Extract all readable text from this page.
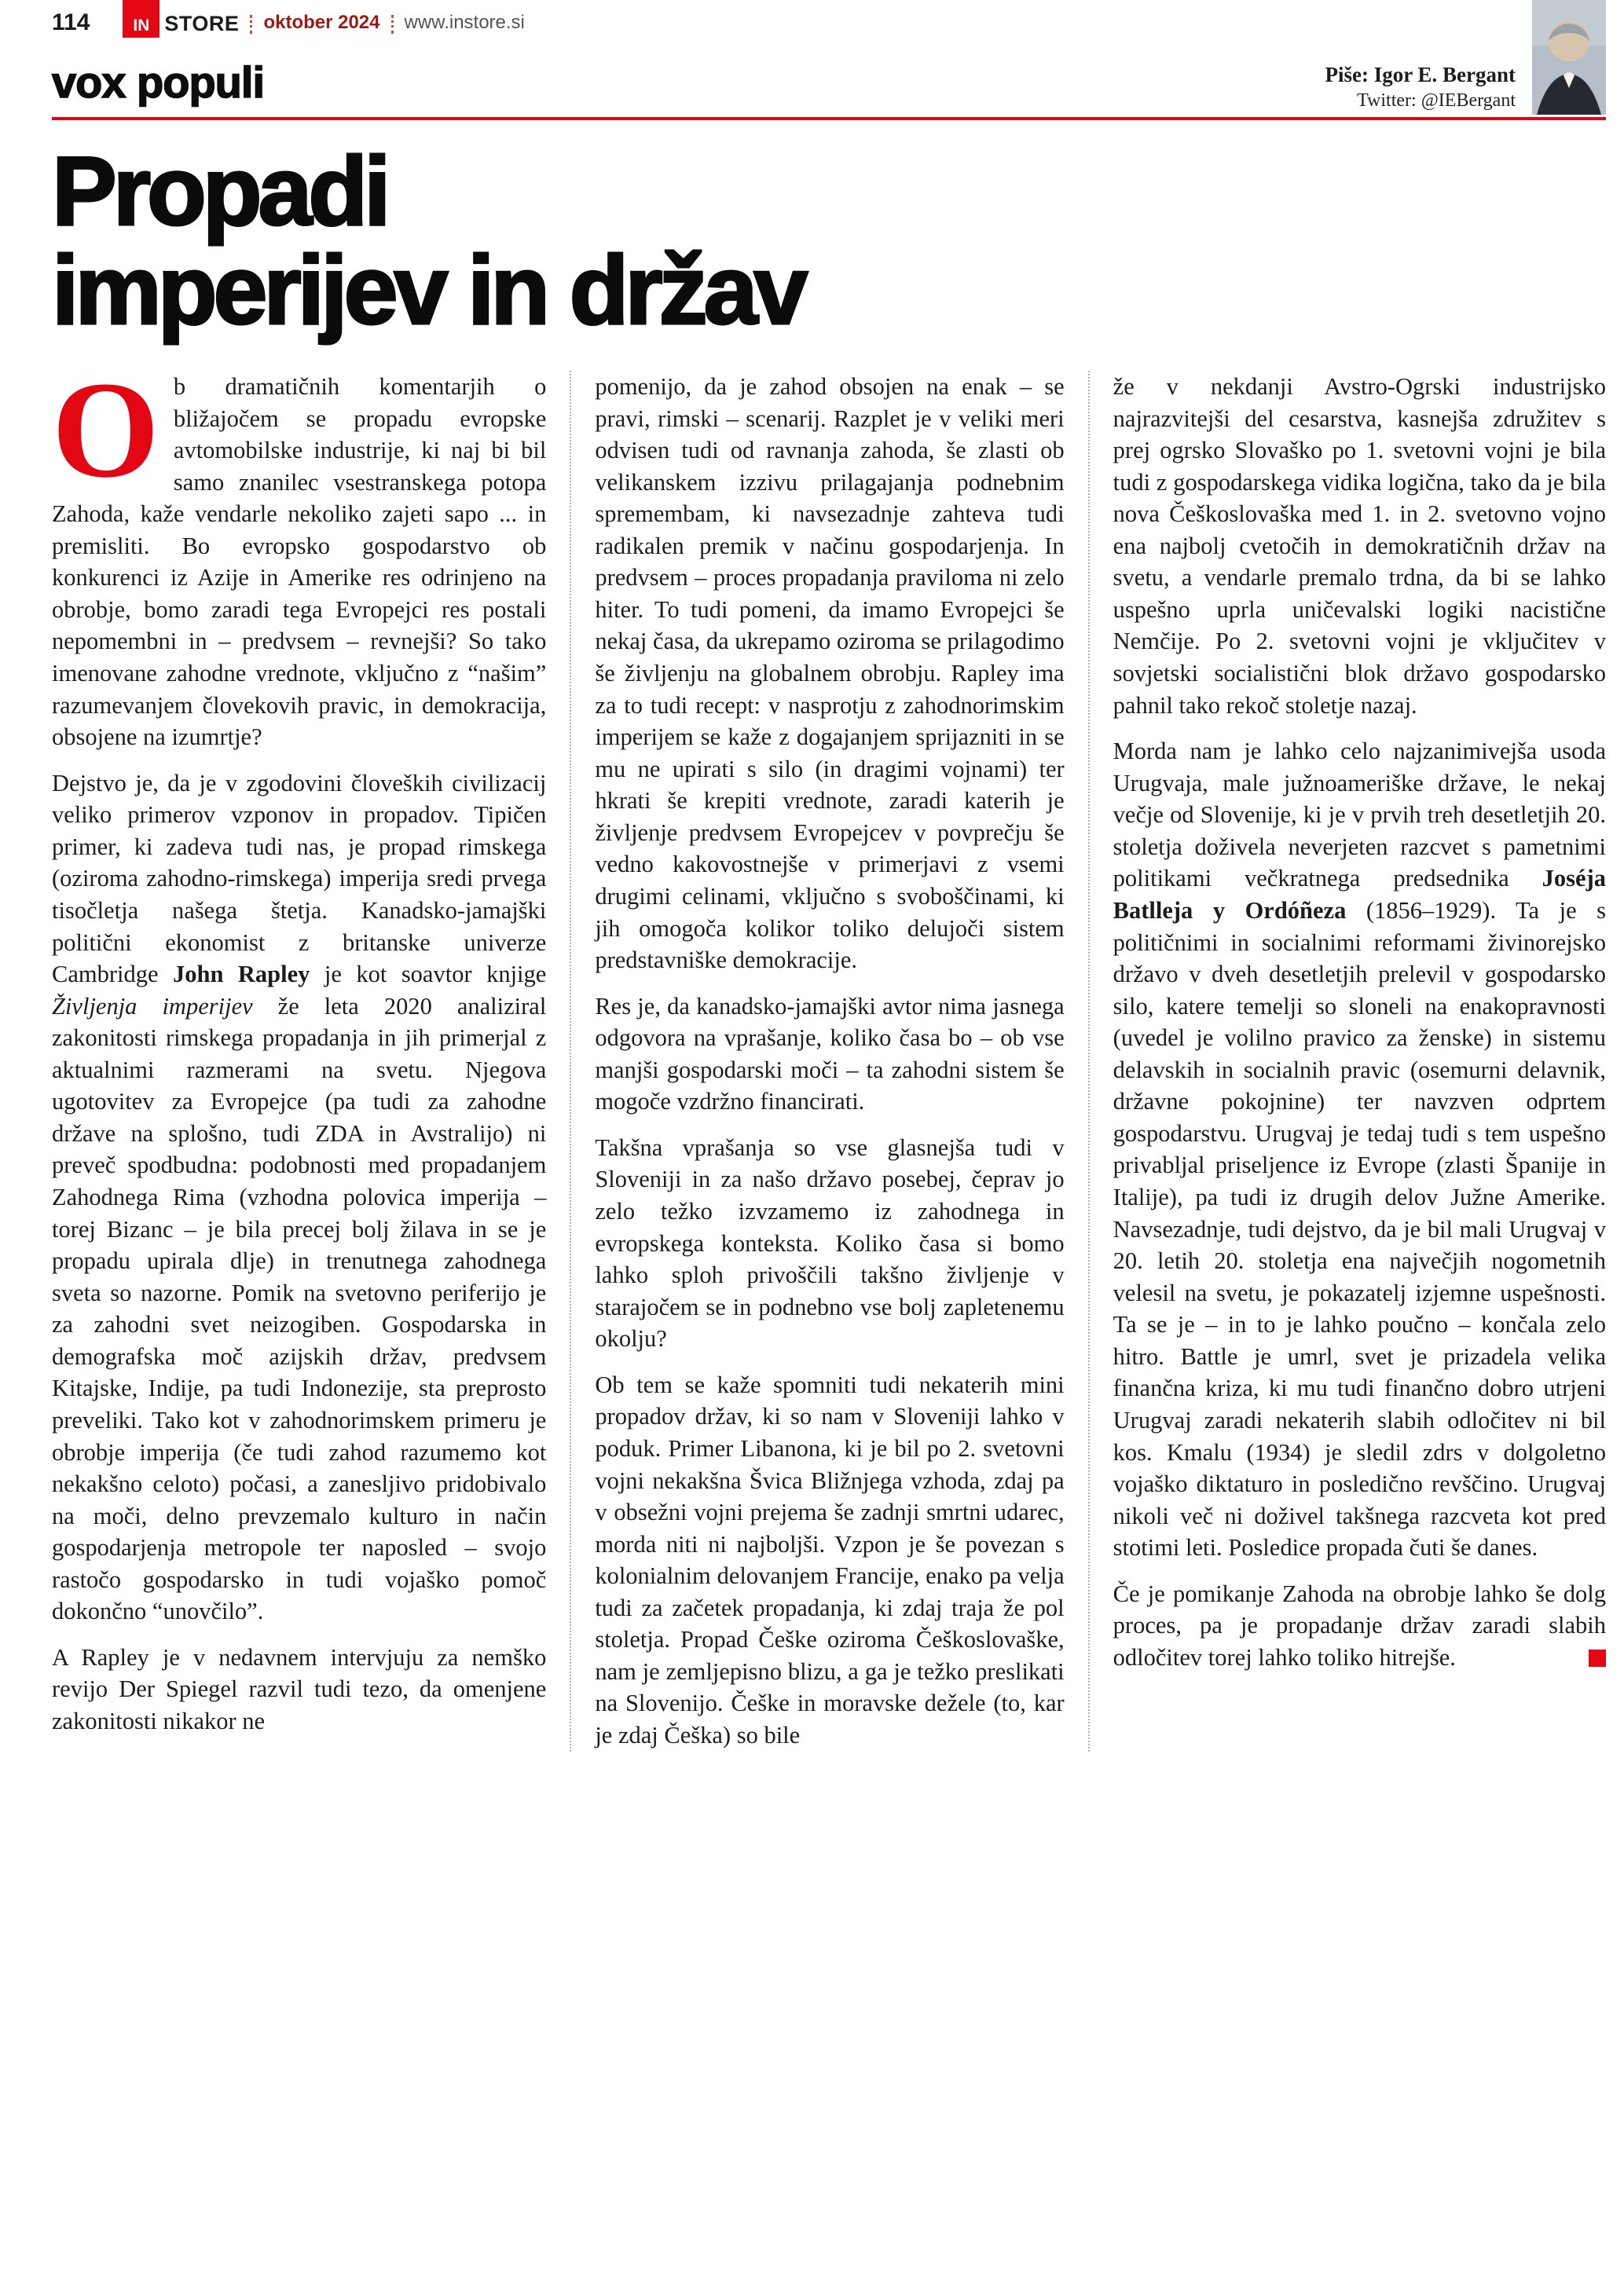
114	IN STORE oktober 2024 www.instore.si
Piše: Igor E. Bergant
Twitter: @IEBergant
vox populi
Propadi
imperijev in držav

Ob dramatičnih komentarjih o bližajočem se propadu evropske avtomobilske industrije, ki naj bi bil samo znanilec vsestranskega potopa Zahoda, kaže vendarle nekoliko zajeti sapo ... in premisliti. Bo evropsko gospodarstvo ob konkurenci iz Azije in Amerike res odrinjeno na obrobje, bomo zaradi tega Evropejci res postali nepomembni in – predvsem – revnejši? So tako imenovane zahodne vrednote, vključno z “našim” razumevanjem človekovih pravic, in demokracija, obsojene na izumrtje?

Dejstvo je, da je v zgodovini človeških civilizacij veliko primerov vzponov in propadov. Tipičen primer, ki zadeva tudi nas, je propad rimskega (oziroma zahodno-rimskega) imperija sredi prvega tisočletja našega štetja. Kanadsko-jamajški politični ekonomist z britanske univerze Cambridge John Rapley je kot soavtor knjige Življenja imperijev že leta 2020 analiziral zakonitosti rimskega propadanja in jih primerjal z aktualnimi razmerami na svetu. Njegova ugotovitev za Evropejce (pa tudi za zahodne države na splošno, tudi ZDA in Avstralijo) ni preveč spodbudna: podobnosti med propadanjem Zahodnega Rima (vzhodna polovica imperija – torej Bizanc – je bila precej bolj žilava in se je propadu upirala dlje) in trenutnega zahodnega sveta so nazorne. Pomik na svetovno periferijo je za zahodni svet neizogiben. Gospodarska in demografska moč azijskih držav, predvsem Kitajske, Indije, pa tudi Indonezije, sta preprosto preveliki. Tako kot v zahodnorimskem primeru je obrobje imperija (če tudi zahod razumemo kot nekakšno celoto) počasi, a zanesljivo pridobivalo na moči, delno prevzemalo kulturo in način gospodarjenja metropole ter naposled – svojo rastočo gospodarsko in tudi vojaško pomoč dokončno “unovčilo”.

A Rapley je v nedavnem intervjuju za nemško revijo Der Spiegel razvil tudi tezo, da omenjene zakonitosti nikakor ne

pomenijo, da je zahod obsojen na enak – se pravi, rimski – scenarij. Razplet je v veliki meri odvisen tudi od ravnanja zahoda, še zlasti ob velikanskem izzivu prilagajanja podnebnim spremembam, ki navsezadnje zahteva tudi radikalen premik v načinu gospodarjenja. In predvsem – proces propadanja praviloma ni zelo hiter. To tudi pomeni, da imamo Evropejci še nekaj časa, da ukrepamo oziroma se prilagodimo še življenju na globalnem obrobju. Rapley ima za to tudi recept: v nasprotju z zahodnorimskim imperijem se kaže z dogajanjem sprijazniti in se mu ne upirati s silo (in dragimi vojnami) ter hkrati še krepiti vrednote, zaradi katerih je življenje predvsem Evropejcev v povprečju še vedno kakovostnejše v primerjavi z vsemi drugimi celinami, vključno s svoboščinami, ki jih omogoča kolikor toliko delujoči sistem predstavniške demokracije.

Res je, da kanadsko-jamajški avtor nima jasnega odgovora na vprašanje, koliko časa bo – ob vse manjši gospodarski moči – ta zahodni sistem še mogoče vzdržno financirati.

Takšna vprašanja so vse glasnejša tudi v Sloveniji in za našo državo posebej, čeprav jo zelo težko izvzamemo iz zahodnega in evropskega konteksta. Koliko časa si bomo lahko sploh privoščili takšno življenje v starajočem se in podnebno vse bolj zapletenemu okolju?

Ob tem se kaže spomniti tudi nekaterih mini propadov držav, ki so nam v Sloveniji lahko v poduk. Primer Libanona, ki je bil po 2. svetovni vojni nekakšna Švica Bližnjega vzhoda, zdaj pa v obsežni vojni prejema še zadnji smrtni udarec, morda niti ni najboljši. Vzpon je še povezan s kolonialnim delovanjem Francije, enako pa velja tudi za začetek propadanja, ki zdaj traja že pol stoletja. Propad Češke oziroma Češkoslovaške, nam je zemljepisno blizu, a ga je težko preslikati na Slovenijo. Češke in moravske dežele (to, kar je zdaj Češka) so bile

že v nekdanji Avstro-Ogrski industrijsko najrazvitejši del cesarstva, kasnejša združitev s prej ogrsko Slovaško po 1. svetovni vojni je bila tudi z gospodarskega vidika logična, tako da je bila nova Češkoslovaška med 1. in 2. svetovno vojno ena najbolj cvetočih in demokratičnih držav na svetu, a vendarle premalo trdna, da bi se lahko uspešno uprla uničevalski logiki nacistične Nemčije. Po 2. svetovni vojni je vključitev v sovjetski socialistični blok državo gospodarsko pahnil tako rekoč stoletje nazaj.

Morda nam je lahko celo najzanimivejša usoda Urugvaja, male južnoameriške države, le nekaj večje od Slovenije, ki je v prvih treh desetletjih 20. stoletja doživela neverjeten razcvet s pametnimi politikami večkratnega predsednika Joséja Batlleja y Ordóñeza (1856–1929). Ta je s političnimi in socialnimi reformami živinorejsko državo v dveh desetletjih prelevil v gospodarsko silo, katere temelji so sloneli na enakopravnosti (uvedel je volilno pravico za ženske) in sistemu delavskih in socialnih pravic (osemurni delavnik, državne pokojnine) ter navzven odprtem gospodarstvu. Urugvaj je tedaj tudi s tem uspešno privabljal priseljence iz Evrope (zlasti Španije in Italije), pa tudi iz drugih delov Južne Amerike. Navsezadnje, tudi dejstvo, da je bil mali Urugvaj v 20. letih 20. stoletja ena največjih nogometnih velesil na svetu, je pokazatelj izjemne uspešnosti. Ta se je – in to je lahko poučno – končala zelo hitro. Battle je umrl, svet je prizadela velika finančna kriza, ki mu tudi finančno dobro utrjeni Urugvaj zaradi nekaterih slabih odločitev ni bil kos. Kmalu (1934) je sledil zdrs v dolgoletno vojaško diktaturo in posledično revščino. Urugvaj nikoli več ni doživel takšnega razcveta kot pred stotimi leti. Posledice propada čuti še danes.

Če je pomikanje Zahoda na obrobje lahko še dolg proces, pa je propadanje držav zaradi slabih odločitev torej lahko toliko hitrejše.
